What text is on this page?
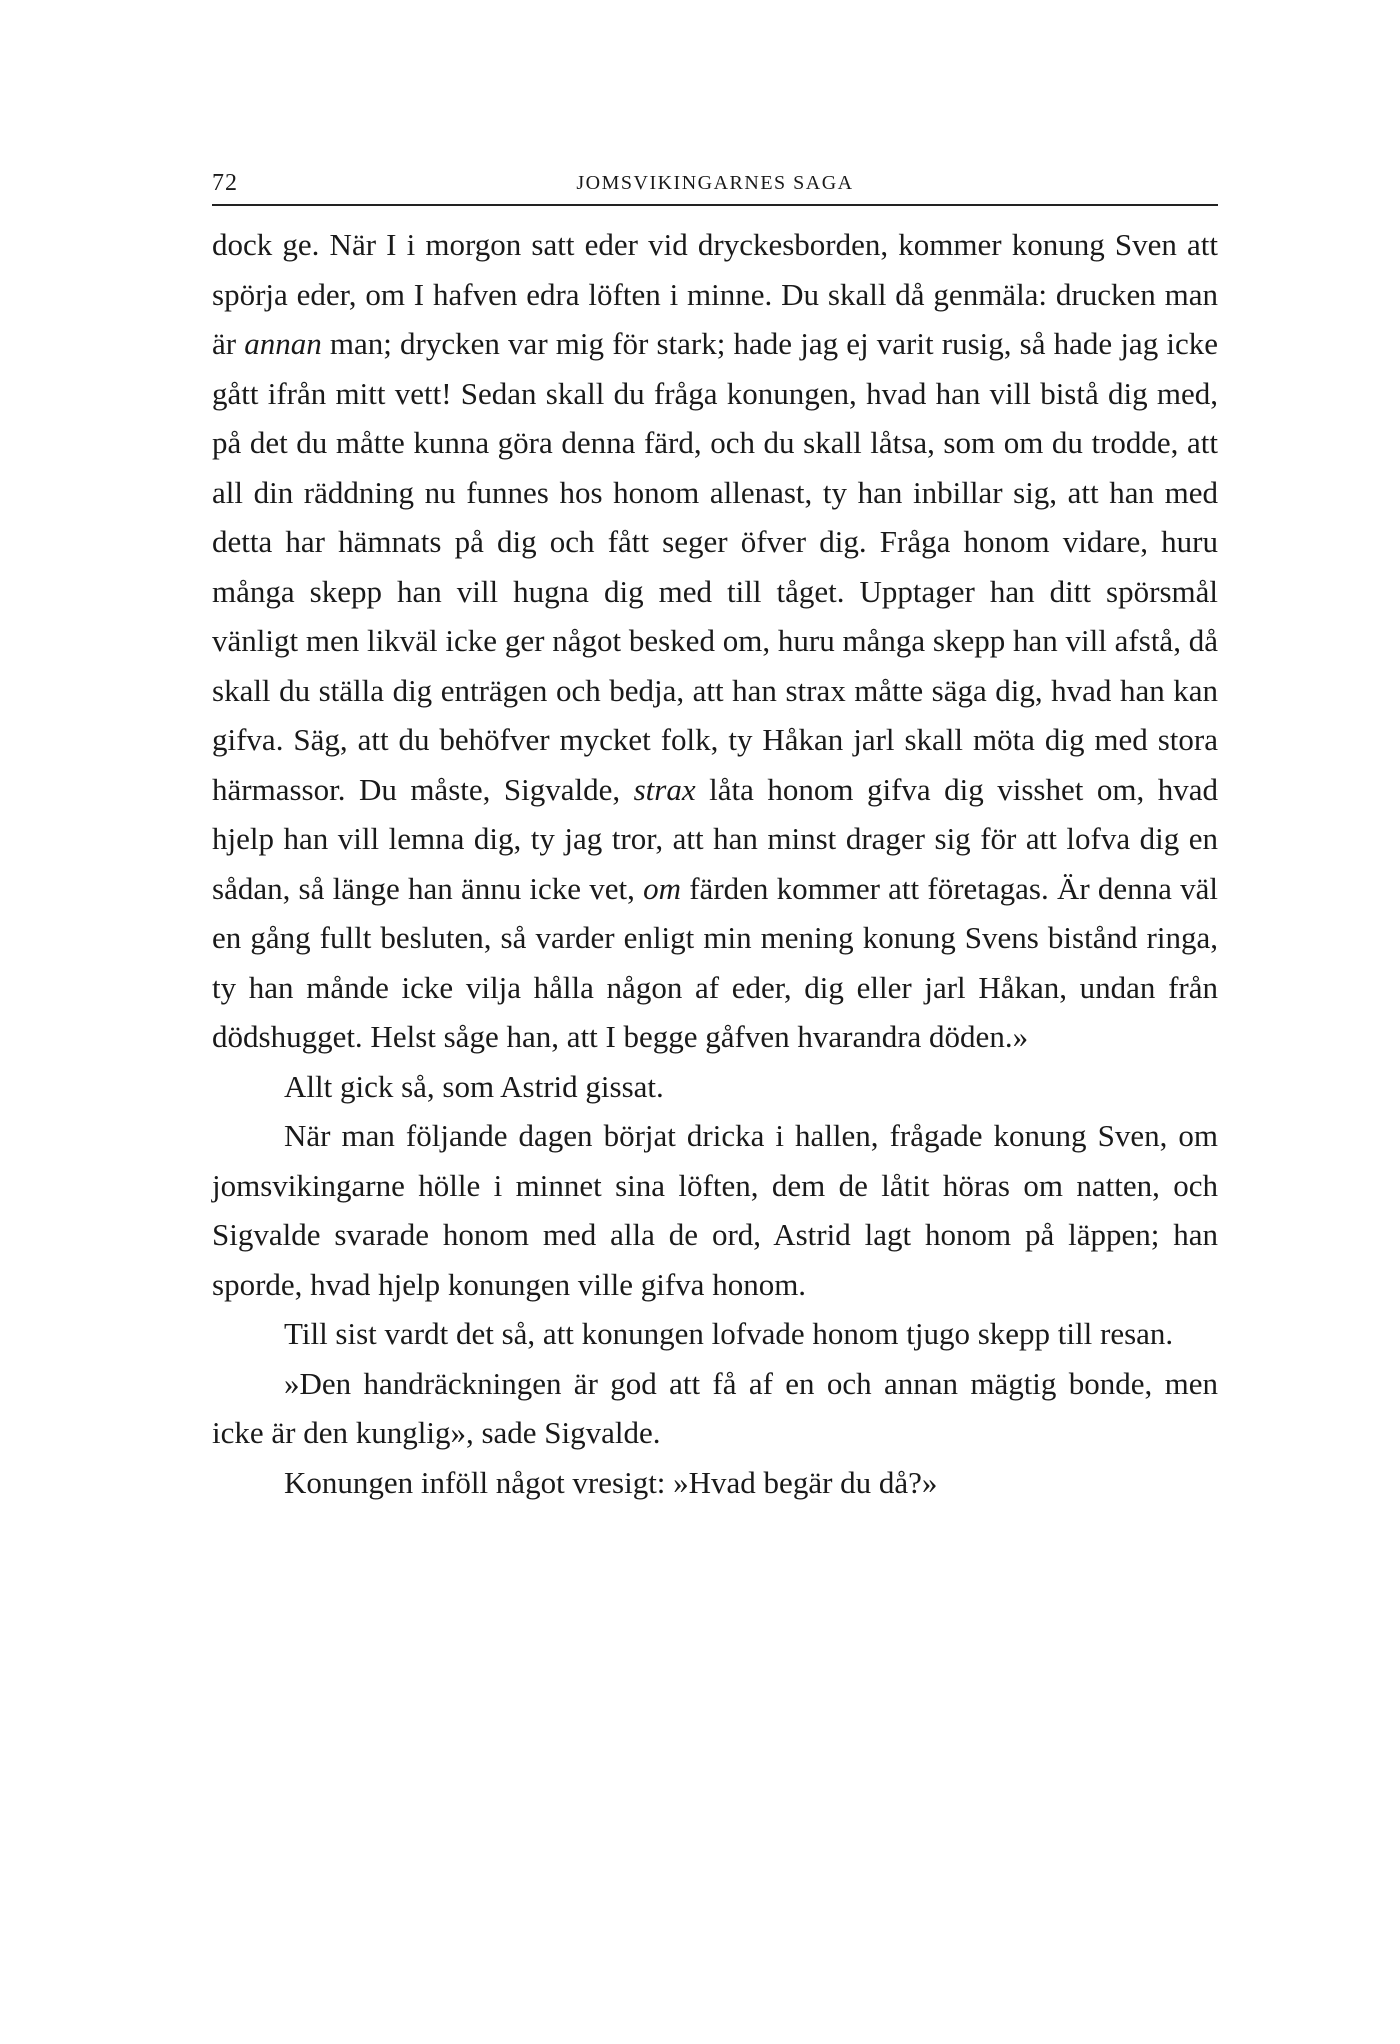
72	JOMSVIKINGARNES SAGA

dock ge. När I i morgon satt eder vid dryckesborden, kommer konung Sven att spörja eder, om I hafven edra löften i minne. Du skall då genmäla: drucken man är annan man; drycken var mig för stark; hade jag ej varit rusig, så hade jag icke gått ifrån mitt vett! Sedan skall du fråga konungen, hvad han vill bistå dig med, på det du måtte kunna göra denna färd, och du skall låtsa, som om du trodde, att all din räddning nu funnes hos honom allenast, ty han inbillar sig, att han med detta har hämnats på dig och fått seger öfver dig. Fråga honom vidare, huru många skepp han vill hugna dig med till tåget. Upptager han ditt spörsmål vänligt men likväl icke ger något besked om, huru många skepp han vill afstå, då skall du ställa dig enträgen och bedja, att han strax måtte säga dig, hvad han kan gifva. Säg, att du behöfver mycket folk, ty Håkan jarl skall möta dig med stora härmassor. Du måste, Sigvalde, strax låta honom gifva dig visshet om, hvad hjelp han vill lemna dig, ty jag tror, att han minst drager sig för att lofva dig en sådan, så länge han ännu icke vet, om färden kommer att företagas. Är denna väl en gång fullt besluten, så varder enligt min mening konung Svens bistånd ringa, ty han månde icke vilja hålla någon af eder, dig eller jarl Håkan, undan från dödshugget. Helst såge han, att I begge gåfven hvarandra döden.»

Allt gick så, som Astrid gissat.

När man följande dagen börjat dricka i hallen, frågade konung Sven, om jomsvikingarne hölle i minnet sina löften, dem de låtit höras om natten, och Sigvalde svarade honom med alla de ord, Astrid lagt honom på läppen; han sporde, hvad hjelp konungen ville gifva honom.

Till sist vardt det så, att konungen lofvade honom tjugo skepp till resan.

»Den handräckningen är god att få af en och annan mägtig bonde, men icke är den kunglig», sade Sigvalde.

Konungen inföll något vresigt: »Hvad begär du då?»
